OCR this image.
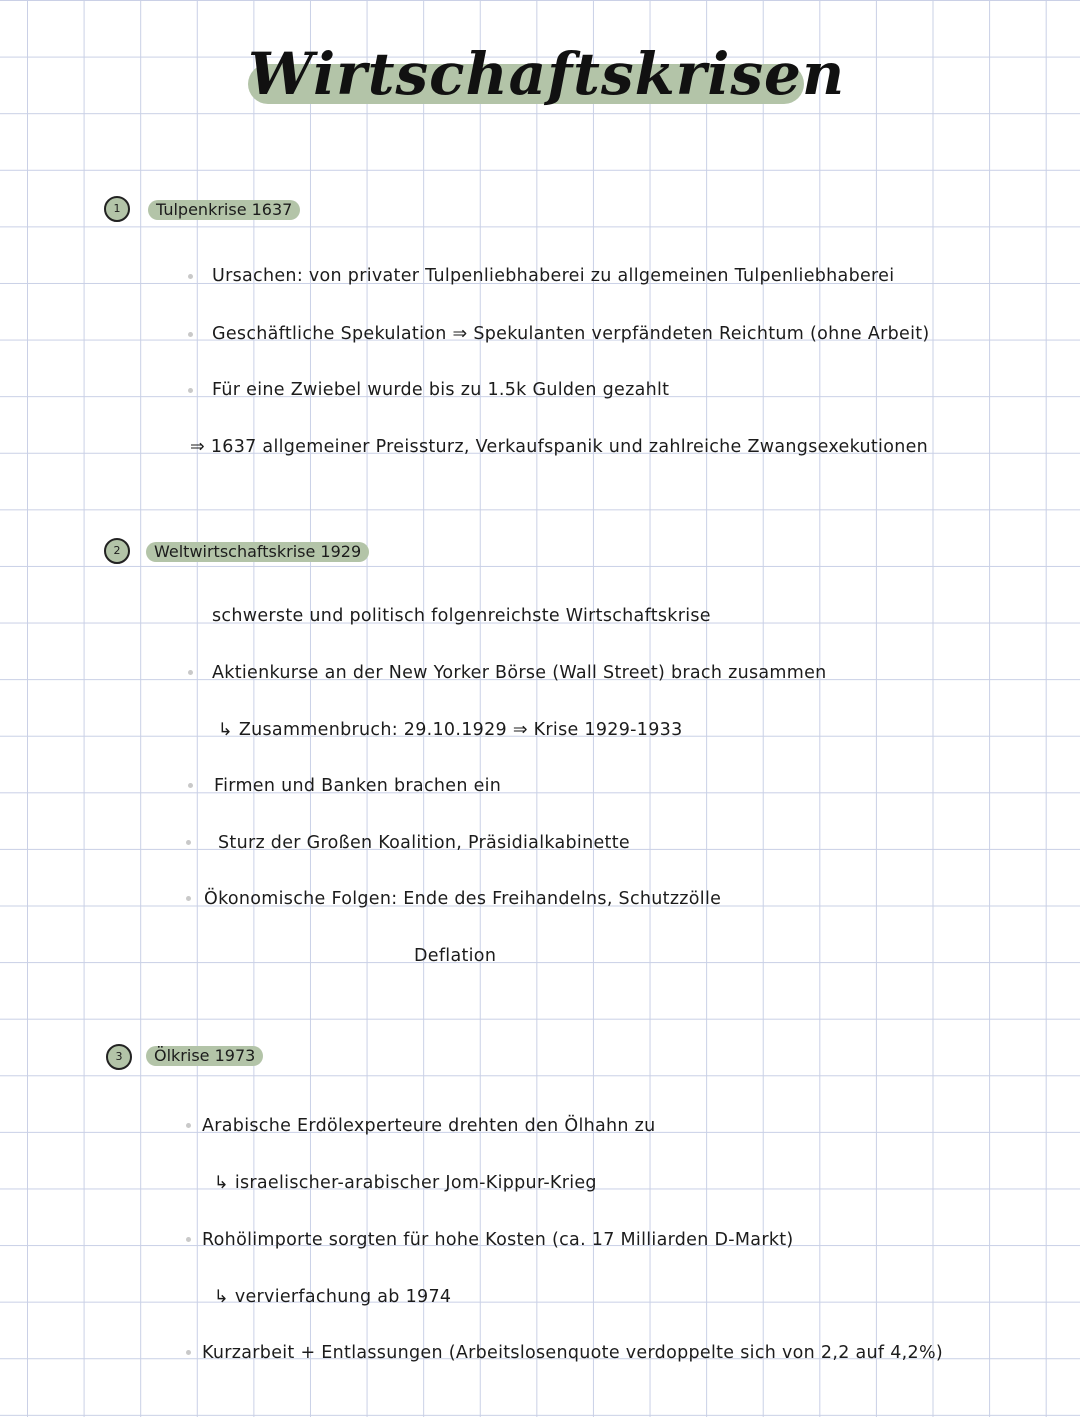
Wirtschaftskrisen
1	Tulpenkrise 1637
Ursachen: von privater Tulpenliebhaberei zu allgemeinen Tulpenliebhaberei
Geschäftliche Spekulation ⇒ Spekulanten verpfändeten Reichtum (ohne Arbeit)
Für eine Zwiebel wurde bis zu 1.5k Gulden gezahlt
⇒ 1637 allgemeiner Preissturz, Verkaufspanik und zahlreiche Zwangsexekutionen
2	Weltwirtschaftskrise 1929
schwerste und politisch folgenreichste Wirtschaftskrise
Aktienkurse an der New Yorker Börse (Wall Street) brach zusammen
↳ Zusammenbruch: 29.10.1929 ⇒ Krise 1929-1933
Firmen und Banken brachen ein
Sturz der Großen Koalition, Präsidialkabinette
Ökonomische Folgen: Ende des Freihandelns, Schutzzölle
Deflation
3	Ölkrise 1973
Arabische Erdölexperteure drehten den Ölhahn zu
↳ israelischer-arabischer Jom-Kippur-Krieg
Rohölimporte sorgten für hohe Kosten (ca. 17 Milliarden D-Markt)
↳ vervierfachung ab 1974
Kurzarbeit + Entlassungen (Arbeitslosenquote verdoppelte sich von 2,2 auf 4,2%)
